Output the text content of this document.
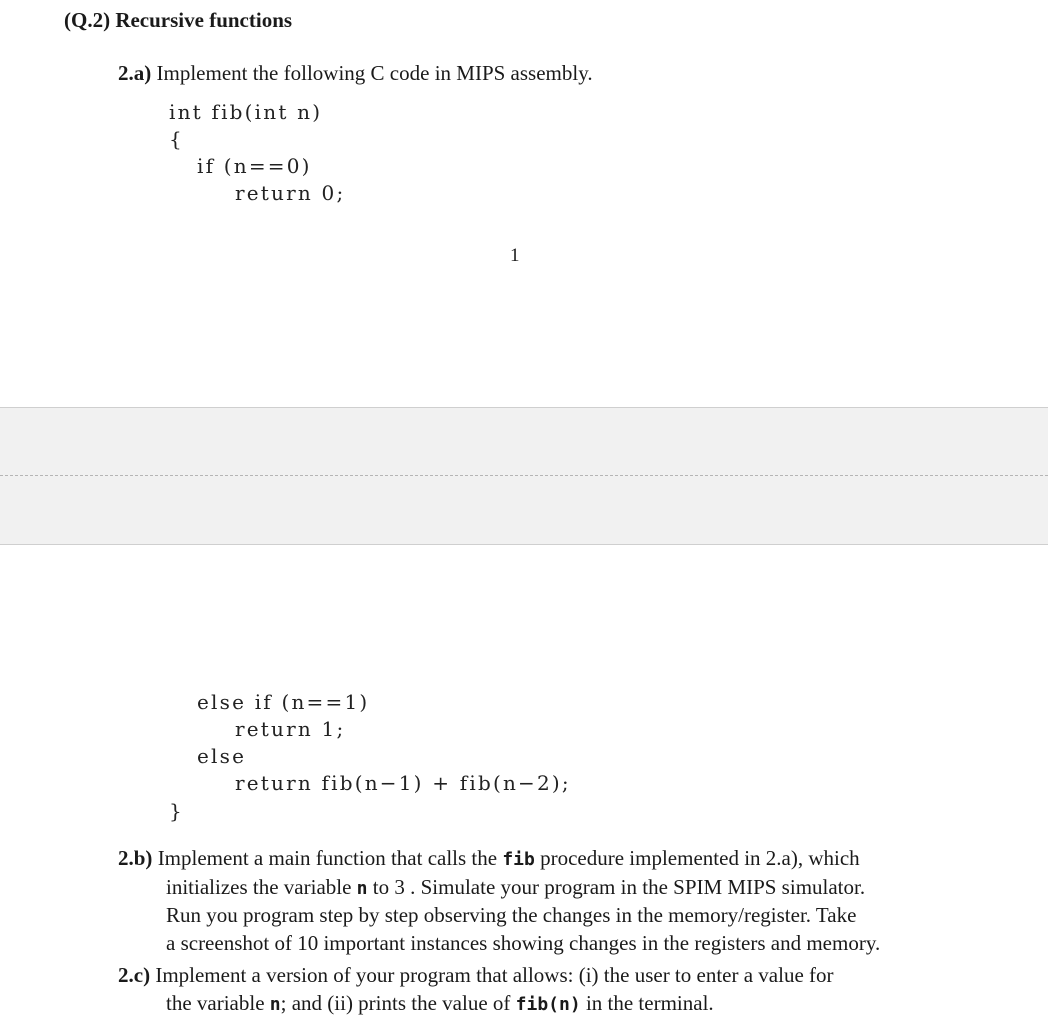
(Q.2) Recursive functions
2.a) Implement the following C code in MIPS assembly.
int fib(int n)
{
if (n==0)
return 0;
1
else if (n==1)
return 1;
else
return fib(n−1) + fib(n−2);
}
2.b) Implement a main function that calls the fib procedure implemented in 2.a), which
initializes the variable n to 3 . Simulate your program in the SPIM MIPS simulator.
Run you program step by step observing the changes in the memory/register. Take
a screenshot of 10 important instances showing changes in the registers and memory.
2.c) Implement a version of your program that allows: (i) the user to enter a value for
the variable n; and (ii) prints the value of fib(n) in the terminal.
